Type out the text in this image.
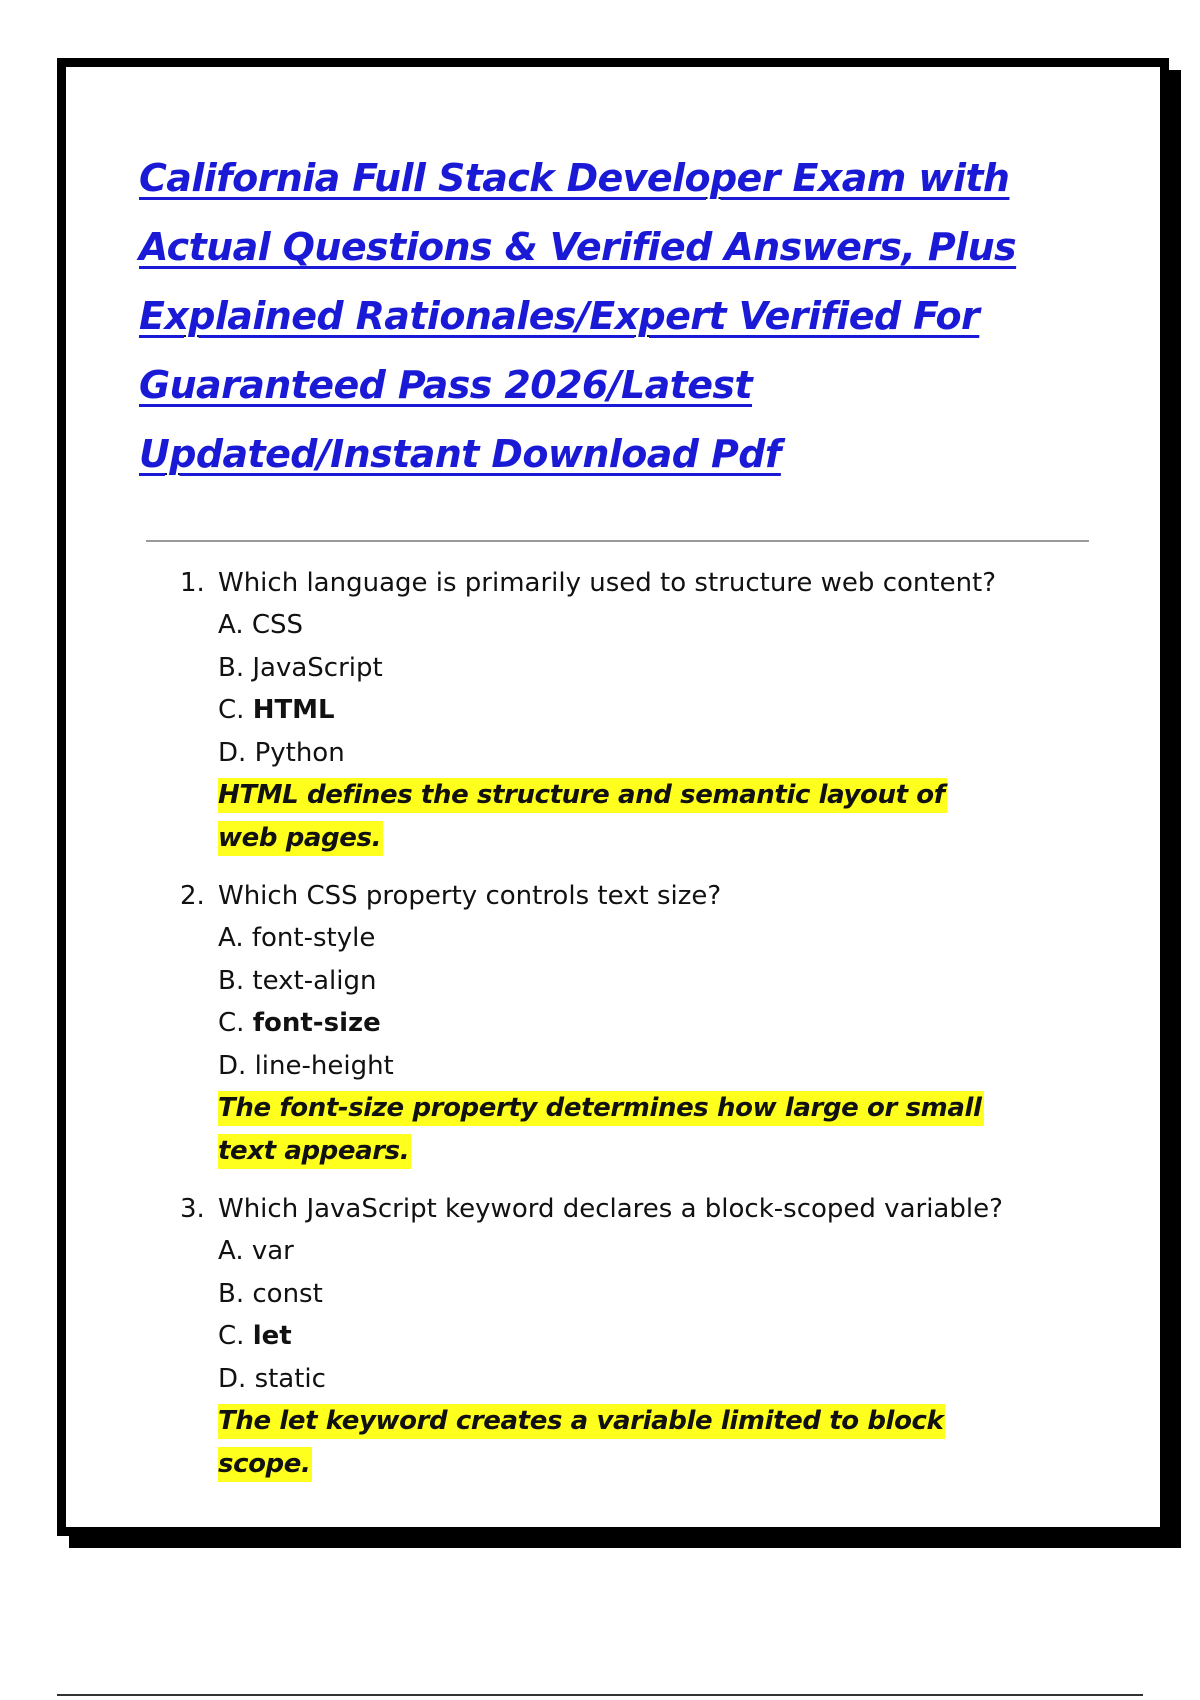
California Full Stack Developer Exam with
Actual Questions & Verified Answers, Plus
Explained Rationales/Expert Verified For
Guaranteed Pass 2026/Latest
Updated/Instant Download Pdf
1. Which language is primarily used to structure web content?

A. CSS

B. JavaScript

C. HTML

D. Python

HTML defines the structure and semantic layout of web pages.

2. Which CSS property controls text size?

A. font-style

B. text-align

C. font-size

D. line-height

The font-size property determines how large or small text appears.

3. Which JavaScript keyword declares a block-scoped variable?

A. var

B. const

C. let

D. static

The let keyword creates a variable limited to block scope.
